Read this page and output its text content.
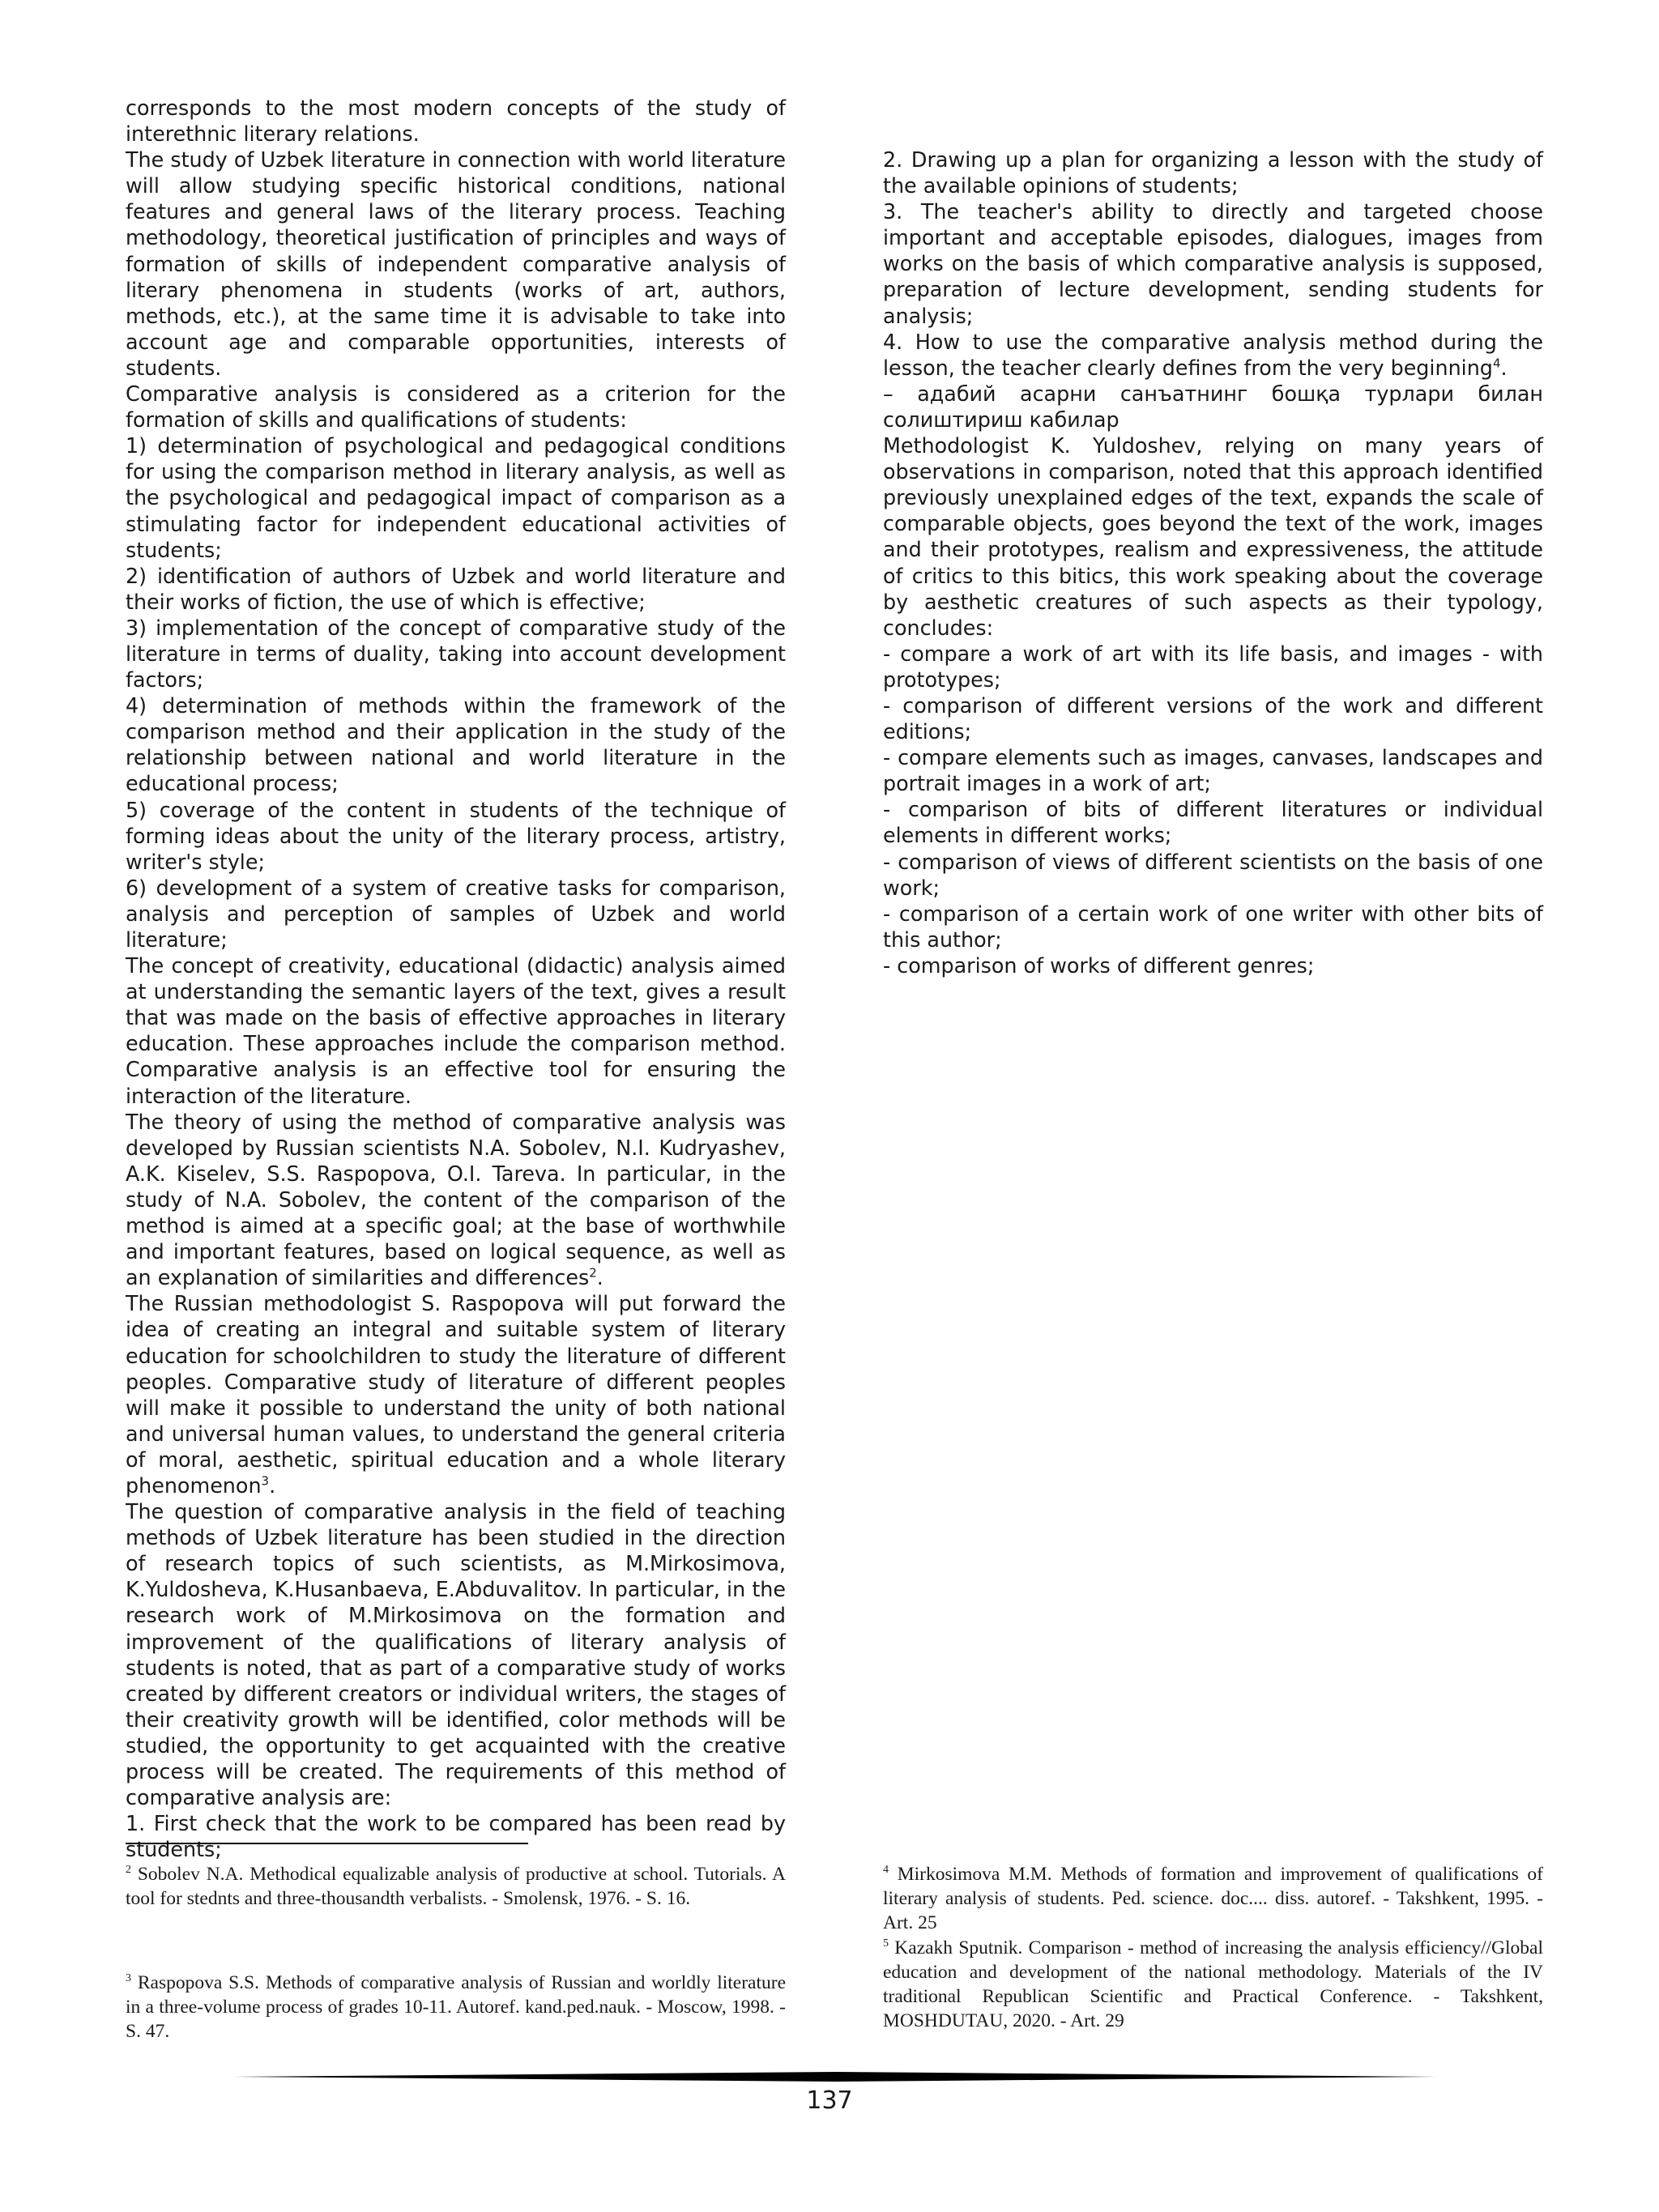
corresponds to the most modern concepts of the study of interethnic literary relations.

The study of Uzbek literature in connection with world literature will allow studying specific historical conditions, national features and general laws of the literary process. Teaching methodology, theoretical justification of principles and ways of formation of skills of independent comparative analysis of literary phenomena in students (works of art, authors, methods, etc.), at the same time it is advisable to take into account age and comparable opportunities, interests of students.

Comparative analysis is considered as a criterion for the formation of skills and qualifications of students:

1) determination of psychological and pedagogical conditions for using the comparison method in literary analysis, as well as the psychological and pedagogical impact of comparison as a stimulating factor for independent educational activities of students;

2) identification of authors of Uzbek and world literature and their works of fiction, the use of which is effective;

3) implementation of the concept of comparative study of the literature in terms of duality, taking into account development factors;

4) determination of methods within the framework of the comparison method and their application in the study of the relationship between national and world literature in the educational process;

5) coverage of the content in students of the technique of forming ideas about the unity of the literary process, artistry, writer's style;

6) development of a system of creative tasks for comparison, analysis and perception of samples of Uzbek and world literature;

The concept of creativity, educational (didactic) analysis aimed at understanding the semantic layers of the text, gives a result that was made on the basis of effective approaches in literary education. These approaches include the comparison method. Comparative analysis is an effective tool for ensuring the interaction of the literature.

The theory of using the method of comparative analysis was developed by Russian scientists N.A. Sobolev, N.I. Kudryashev, A.K. Kiselev, S.S. Raspopova, O.I. Tareva. In particular, in the study of N.A. Sobolev, the content of the comparison of the method is aimed at a specific goal; at the base of worthwhile and important features, based on logical sequence, as well as an explanation of similarities and differences$^2$.

The Russian methodologist S. Raspopova will put forward the idea of creating an integral and suitable system of literary education for schoolchildren to study the literature of different peoples. Comparative study of literature of different peoples will make it possible to understand the unity of both national and universal human values, to understand the general criteria of moral, aesthetic, spiritual education and a whole literary phenomenon$^3$.

The question of comparative analysis in the field of teaching methods of Uzbek literature has been studied in the direction of research topics of such scientists, as M.Mirkosimova, K.Yuldosheva, K.Husanbaeva, E.Abduvalitov. In particular, in the research work of M.Mirkosimova on the formation and improvement of the qualifications of literary analysis of students is noted, that as part of a comparative study of works created by different creators or individual writers, the stages of their creativity growth will be identified, color methods will be studied, the opportunity to get acquainted with the creative process will be created. The requirements of this method of comparative analysis are:

1. First check that the work to be compared has been read by students;

2. Drawing up a plan for organizing a lesson with the study of the available opinions of students;

3. The teacher's ability to directly and targeted choose important and acceptable episodes, dialogues, images from works on the basis of which comparative analysis is supposed, preparation of lecture development, sending students for analysis;

4. How to use the comparative analysis method during the lesson, the teacher clearly defines from the very beginning$^4$.

– адабий асарни санъатнинг бошқа турлари билан солиштириш кабилар

Methodologist K. Yuldoshev, relying on many years of observations in comparison, noted that this approach identified previously unexplained edges of the text, expands the scale of comparable objects, goes beyond the text of the work, images and their prototypes, realism and expressiveness, the attitude of critics to this bitics, this work speaking about the coverage by aesthetic creatures of such aspects as their typology, concludes:

- compare a work of art with its life basis, and images - with prototypes;

- comparison of different versions of the work and different editions;

- compare elements such as images, canvases, landscapes and portrait images in a work of art;

- comparison of bits of different literatures or individual elements in different works;

- comparison of views of different scientists on the basis of one work;

- comparison of a certain work of one writer with other bits of this author;

- comparison of works of different genres;

$^2$ Sobolev N.A. Methodical equalizable analysis of productive at school. Tutorials. A tool for stednts and three-thousandth verbalists. - Smolensk, 1976. - S. 16.

$^3$ Raspopova S.S. Methods of comparative analysis of Russian and worldly literature in a three-volume process of grades 10-11. Autoref. kand.ped.nauk. - Moscow, 1998. - S. 47.

$^4$ Mirkosimova M.M. Methods of formation and improvement of qualifications of literary analysis of students. Ped. science. doc.... diss. autoref. - Takshkent, 1995. - Art. 25

$^5$ Kazakh Sputnik. Comparison - method of increasing the analysis efficiency//Global education and development of the national methodology. Materials of the IV traditional Republican Scientific and Practical Conference. - Takshkent, MOSHDUTAU, 2020. - Art. 29

137
